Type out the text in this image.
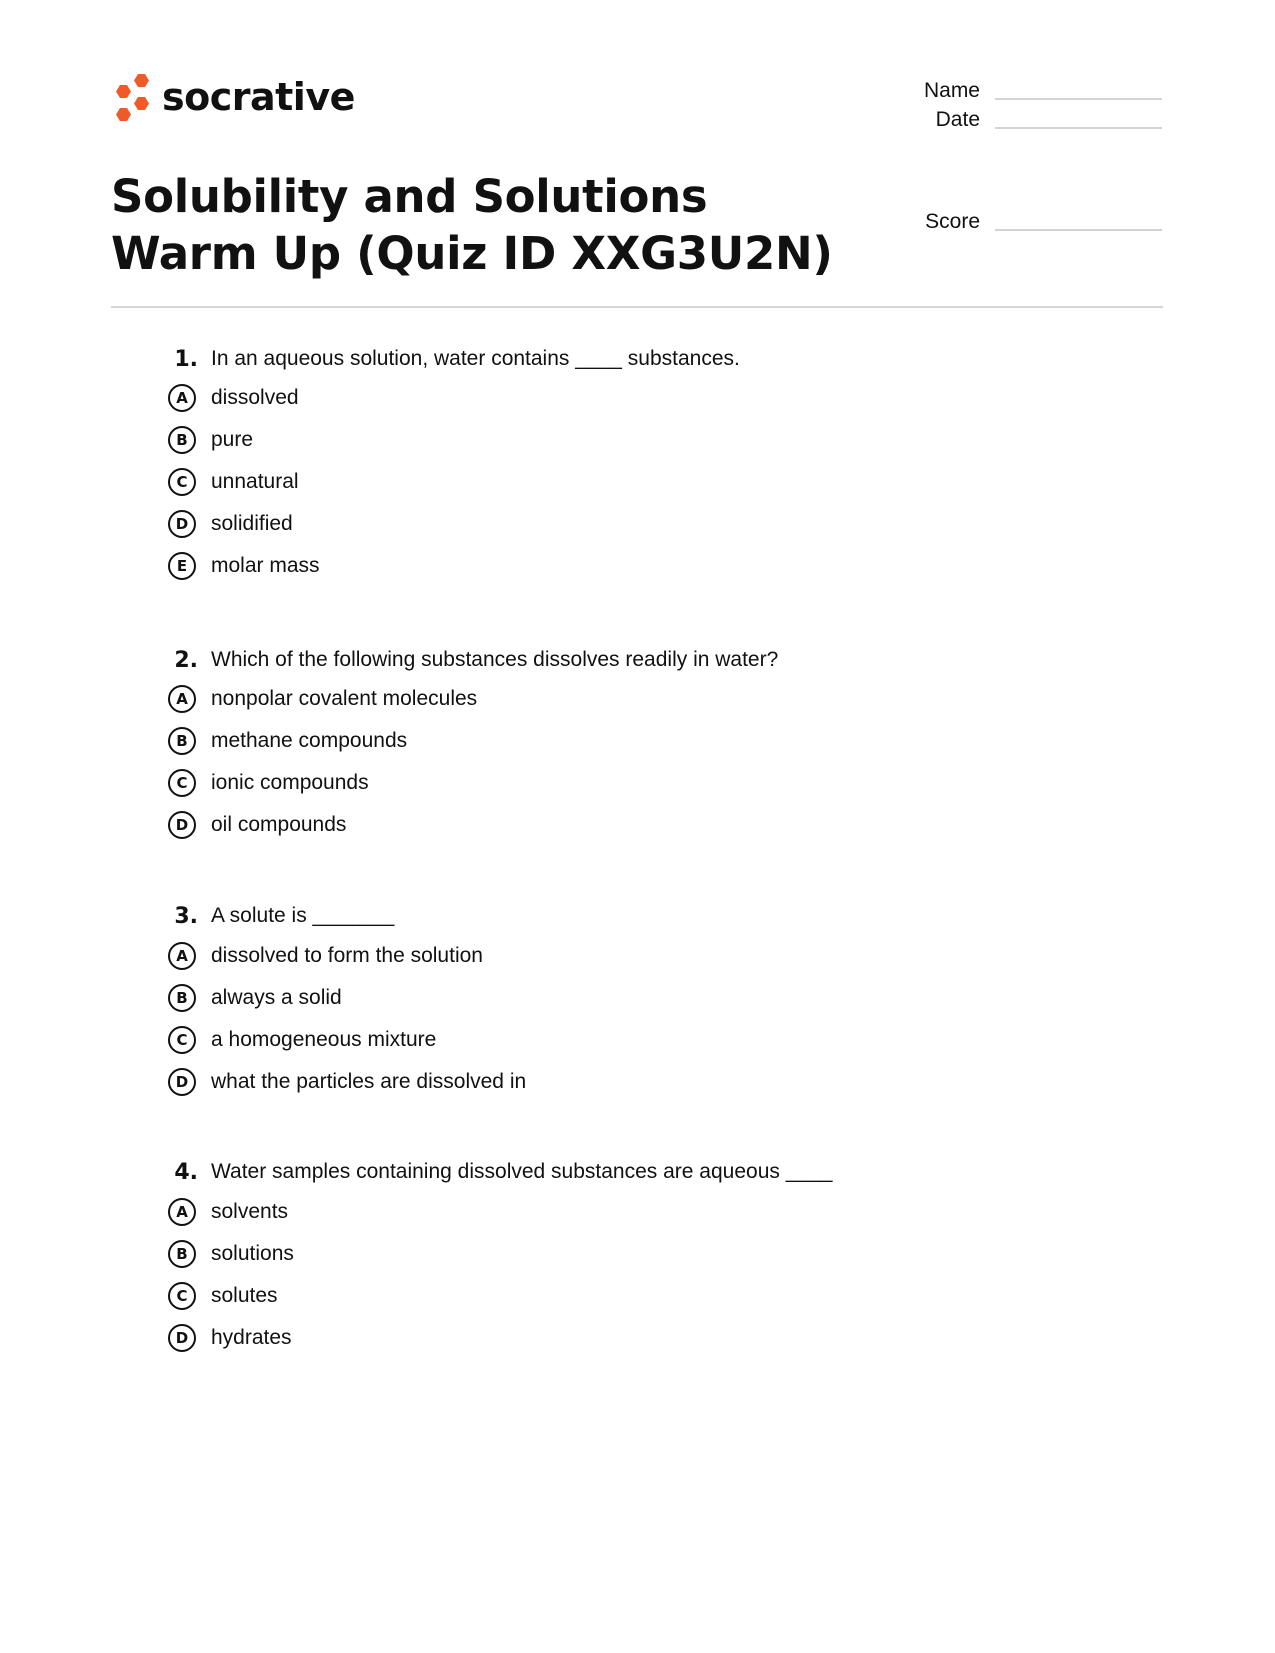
socrative
Solubility and Solutions Warm Up (Quiz ID XXG3U2N)
Name
Date
Score
1. In an aqueous solution, water contains ____ substances.
A	dissolved
B	pure
C	unnatural
D	solidified
E	molar mass
2. Which of the following substances dissolves readily in water?
A	nonpolar covalent molecules
B	methane compounds
C	ionic compounds
D	oil compounds
3. A solute is _______
A	dissolved to form the solution
B	always a solid
C	a homogeneous mixture
D	what the particles are dissolved in
4. Water samples containing dissolved substances are aqueous ____
A	solvents
B	solutions
C	solutes
D	hydrates
